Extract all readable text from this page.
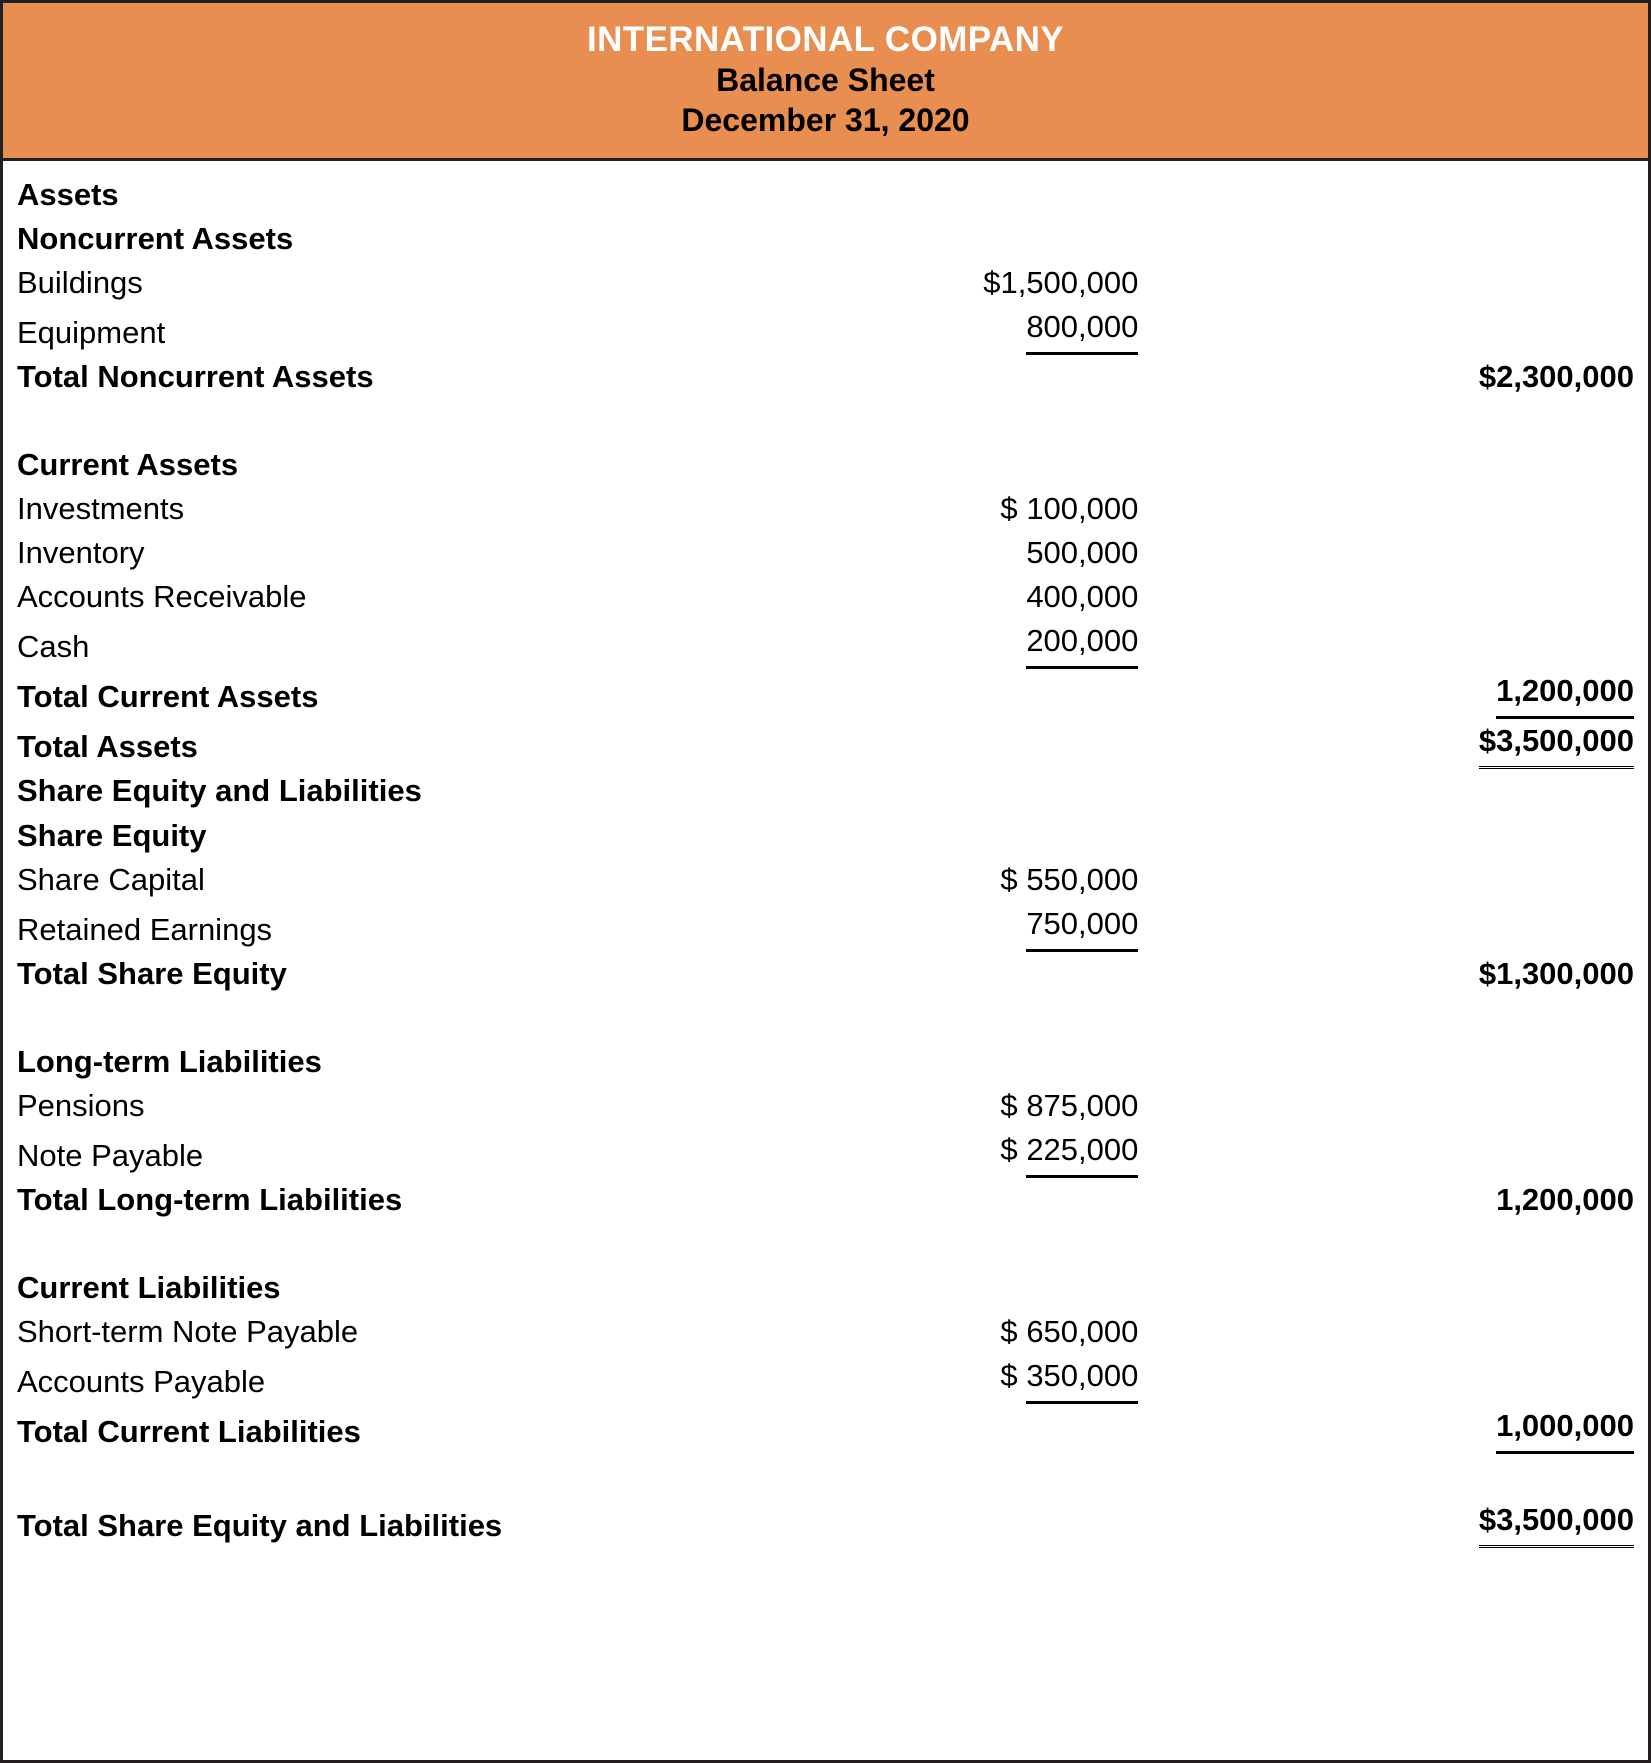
INTERNATIONAL COMPANY
Balance Sheet
December 31, 2020
Assets		
Noncurrent Assets		
Buildings	$1,500,000	
Equipment	800,000	
Total Noncurrent Assets		$2,300,000

Current Assets		
Investments	$ 100,000	
Inventory	500,000	
Accounts Receivable	400,000	
Cash	200,000	
Total Current Assets		1,200,000
Total Assets		$3,500,000
Share Equity and Liabilities		
Share Equity		
Share Capital	$ 550,000	
Retained Earnings	750,000	
Total Share Equity		$1,300,000

Long-term Liabilities		
Pensions	$ 875,000	
Note Payable	$ 225,000	
Total Long-term Liabilities		1,200,000

Current Liabilities		
Short-term Note Payable	$ 650,000	
Accounts Payable	$ 350,000	
Total Current Liabilities		1,000,000

Total Share Equity and Liabilities		$3,500,000
